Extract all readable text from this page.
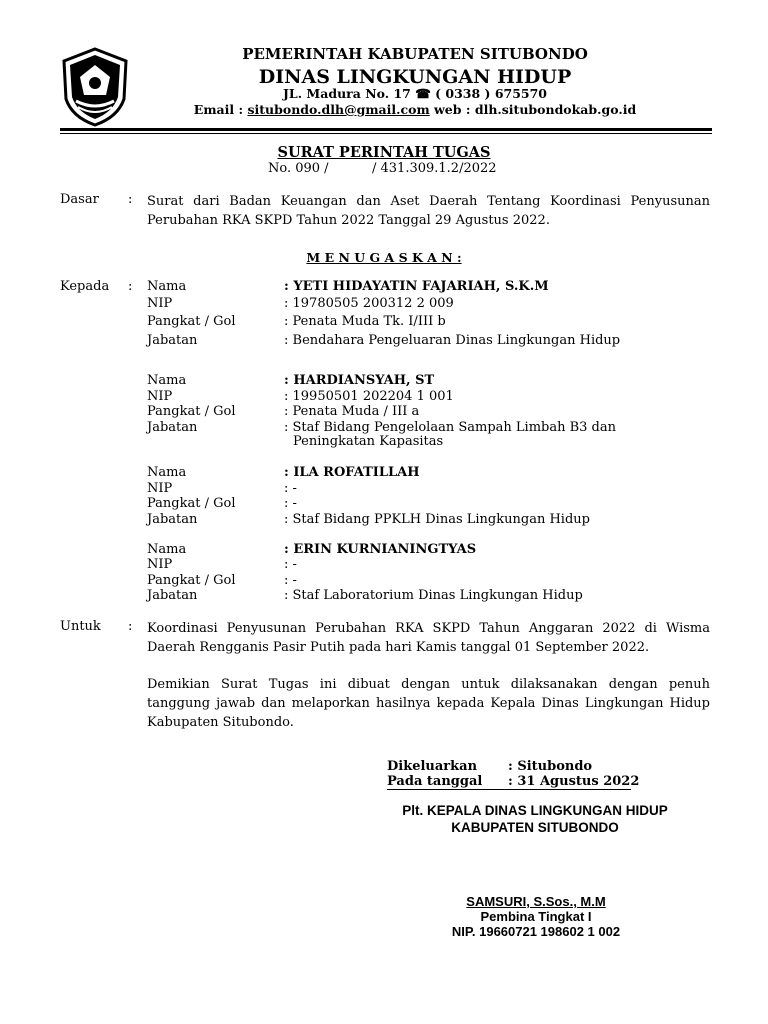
PEMERINTAH KABUPATEN SITUBONDO
DINAS LINGKUNGAN HIDUP
JL. Madura No. 17 ☎ ( 0338 ) 675570
Email : situbondo.dlh@gmail.com web : dlh.situbondokab.go.id
SURAT PERINTAH TUGAS
No. 090 /	/ 431.309.1.2/2022
Dasar : Surat dari Badan Keuangan dan Aset Daerah Tentang Koordinasi Penyusunan Perubahan RKA SKPD Tahun 2022 Tanggal 29 Agustus 2022.
M E N U G A S K A N :
Kepada : Nama	: YETI HIDAYATIN FAJARIAH, S.K.M
NIP	: 19780505 200312 2 009
Pangkat / Gol	: Penata Muda Tk. I/III b
Jabatan	: Bendahara Pengeluaran Dinas Lingkungan Hidup
Nama	: HARDIANSYAH, ST
NIP	: 19950501 202204 1 001
Pangkat / Gol	: Penata Muda / III a
Jabatan	: Staf Bidang Pengelolaan Sampah Limbah B3 dan
Peningkatan Kapasitas
Nama	: ILA ROFATILLAH
NIP	: -
Pangkat / Gol	: -
Jabatan	: Staf Bidang PPKLH Dinas Lingkungan Hidup
Nama	: ERIN KURNIANINGTYAS
NIP	: -
Pangkat / Gol	: -
Jabatan	: Staf Laboratorium Dinas Lingkungan Hidup
Untuk : Koordinasi Penyusunan Perubahan RKA SKPD Tahun Anggaran 2022 di Wisma Daerah Rengganis Pasir Putih pada hari Kamis tanggal 01 September 2022.
Demikian Surat Tugas ini dibuat dengan untuk dilaksanakan dengan penuh tanggung jawab dan melaporkan hasilnya kepada Kepala Dinas Lingkungan Hidup Kabupaten Situbondo.
Dikeluarkan : Situbondo
Pada tanggal : 31 Agustus 2022
Plt. KEPALA DINAS LINGKUNGAN HIDUP
KABUPATEN SITUBONDO
SAMSURI, S.Sos., M.M
Pembina Tingkat I
NIP. 19660721 198602 1 002
